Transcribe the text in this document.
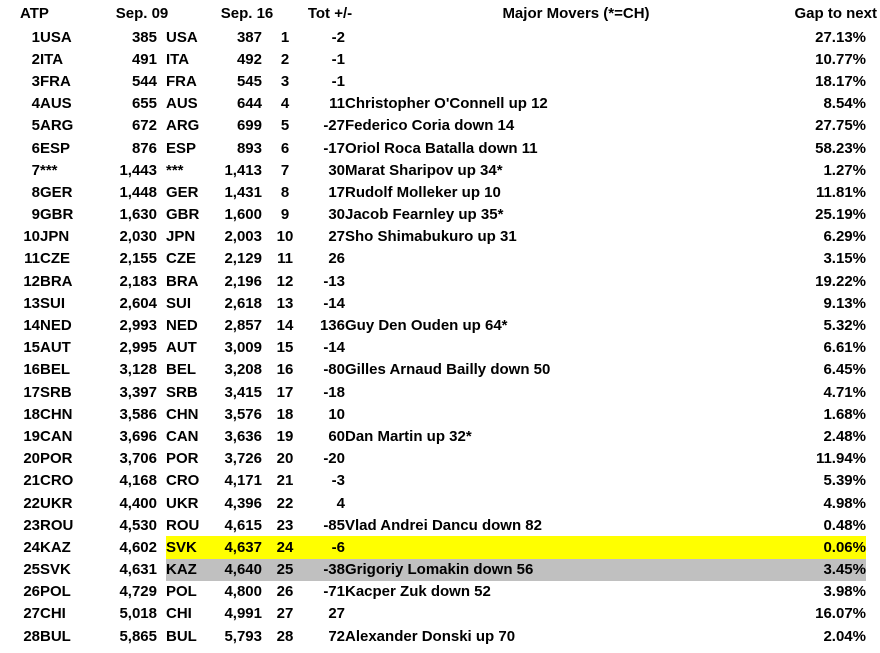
ATP	Sep. 09	Sep. 16	Tot +/-	Major Movers (*=CH)	Gap to next
1	USA	385		USA	387	1	-2		27.13%	
2	ITA	491		ITA	492	2	-1		10.77%	
3	FRA	544		FRA	545	3	-1		18.17%	
4	AUS	655		AUS	644	4	11	Christopher O'Connell up 12	8.54%	
5	ARG	672		ARG	699	5	-27	Federico Coria down 14	27.75%	
6	ESP	876		ESP	893	6	-17	Oriol Roca Batalla down 11	58.23%	
7	***	1,443		***	1,413	7	30	Marat Sharipov up 34*	1.27%	
8	GER	1,448		GER	1,431	8	17	Rudolf Molleker up 10	11.81%	
9	GBR	1,630		GBR	1,600	9	30	Jacob Fearnley up 35*	25.19%	
10	JPN	2,030		JPN	2,003	10	27	Sho Shimabukuro up 31	6.29%	
11	CZE	2,155		CZE	2,129	11	26		3.15%	
12	BRA	2,183		BRA	2,196	12	-13		19.22%	
13	SUI	2,604		SUI	2,618	13	-14		9.13%	
14	NED	2,993		NED	2,857	14	136	Guy Den Ouden up 64*	5.32%	
15	AUT	2,995		AUT	3,009	15	-14		6.61%	
16	BEL	3,128		BEL	3,208	16	-80	Gilles Arnaud Bailly down 50	6.45%	
17	SRB	3,397		SRB	3,415	17	-18		4.71%	
18	CHN	3,586		CHN	3,576	18	10		1.68%	
19	CAN	3,696		CAN	3,636	19	60	Dan Martin up 32*	2.48%	
20	POR	3,706		POR	3,726	20	-20		11.94%	
21	CRO	4,168		CRO	4,171	21	-3		5.39%	
22	UKR	4,400		UKR	4,396	22	4		4.98%	
23	ROU	4,530		ROU	4,615	23	-85	Vlad Andrei Dancu down 82	0.48%	
24	KAZ	4,602		SVK	4,637	24	-6		0.06%	
25	SVK	4,631		KAZ	4,640	25	-38	Grigoriy Lomakin down 56	3.45%	
26	POL	4,729		POL	4,800	26	-71	Kacper Zuk down 52	3.98%	
27	CHI	5,018		CHI	4,991	27	27		16.07%	
28	BUL	5,865		BUL	5,793	28	72	Alexander Donski up 70	2.04%	
